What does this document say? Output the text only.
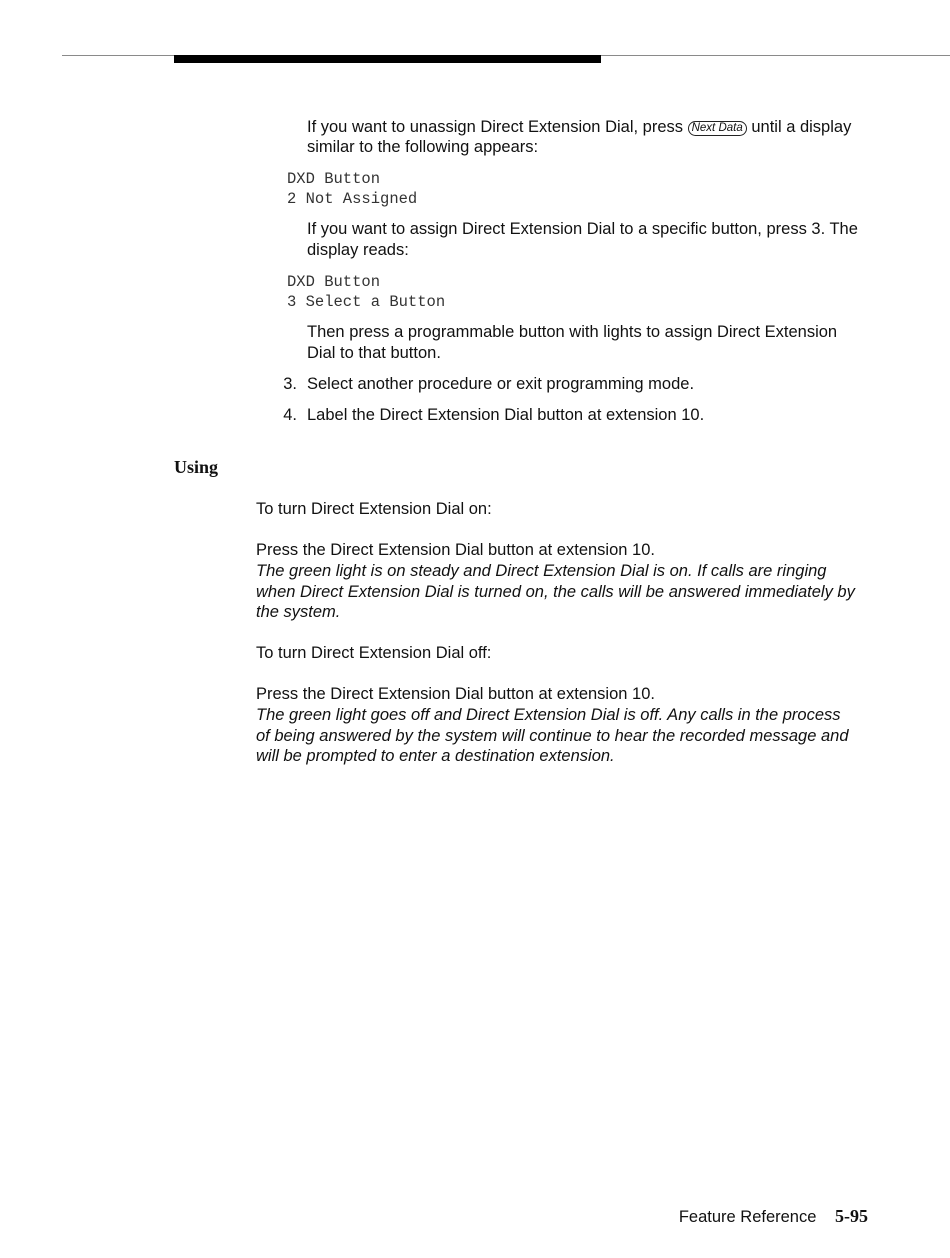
If you want to unassign Direct Extension Dial, press Next Data until a display
similar to the following appears:
DXD Button
2 Not Assigned
If you want to assign Direct Extension Dial to a specific button, press 3. The
display reads:
DXD Button
3 Select a Button
Then press a programmable button with lights to assign Direct Extension
Dial to that button.
3. Select another procedure or exit programming mode.
4. Label the Direct Extension Dial button at extension 10.
Using
To turn Direct Extension Dial on:
Press the Direct Extension Dial button at extension 10.
The green light is on steady and Direct Extension Dial is on. If calls are ringing
when Direct Extension Dial is turned on, the calls will be answered immediately by
the system.
To turn Direct Extension Dial off:
Press the Direct Extension Dial button at extension 10.
The green light goes off and Direct Extension Dial is off. Any calls in the process
of being answered by the system will continue to hear the recorded message and
will be prompted to enter a destination extension.
Feature Reference 5-95
